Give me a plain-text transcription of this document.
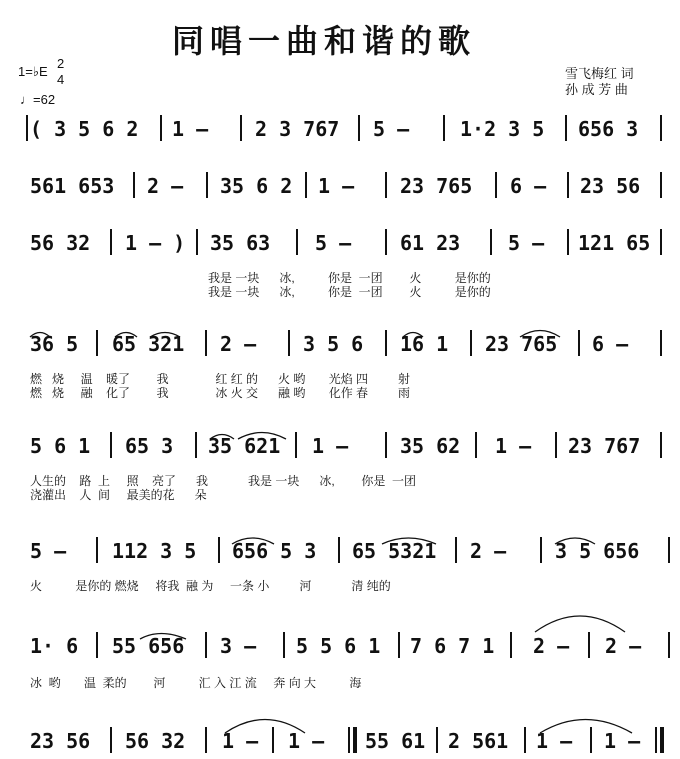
同唱一曲和谐的歌
1=♭E
2
4
♩=62
雪飞梅红 词
孙 成 芳 曲
( 3 5 6 2 1 – 2 3 767 5 –	1·2 3 5 656 3
561 653 2 – 35 6 2 1 – 23 765 6 – 23 56
56 32 1 – ) 35 63 5 – 61 23 5 – 121 65
我是 一块      冰,          你是  一团        火          是你的
我是 一块      冰,          你是  一团        火          是你的
36 5 65 321 2 – 3 5 6 16 1 23 765 6 –
燃   烧     温    暖了        我              红 红 的      火 哟       光焰 四         射
燃   烧     融    化了        我              冰 火 交      融 哟       化作 春         雨
5 6 1 65 3 35 621 1 –	35 62 1 – 23 767
人生的    路  上     照    亮了      我            我是 一块      冰,        你是  一团
浇灌出    人  间     最美的花      朵
5 – 112 3 5 656 5 3 65 5321 2 – 3 5 656
火          是你的 燃烧     将我  融 为     一条 小         河            清 纯的
1· 6 55 656 3 – 5 5 6 1 7 6 7 1 2 – 2 –
冰  哟       温  柔的        河          汇 入 江 流     奔 向 大          海
23 56 56 32 1 – 1 – 55 61 2 561 1 – 1 –
